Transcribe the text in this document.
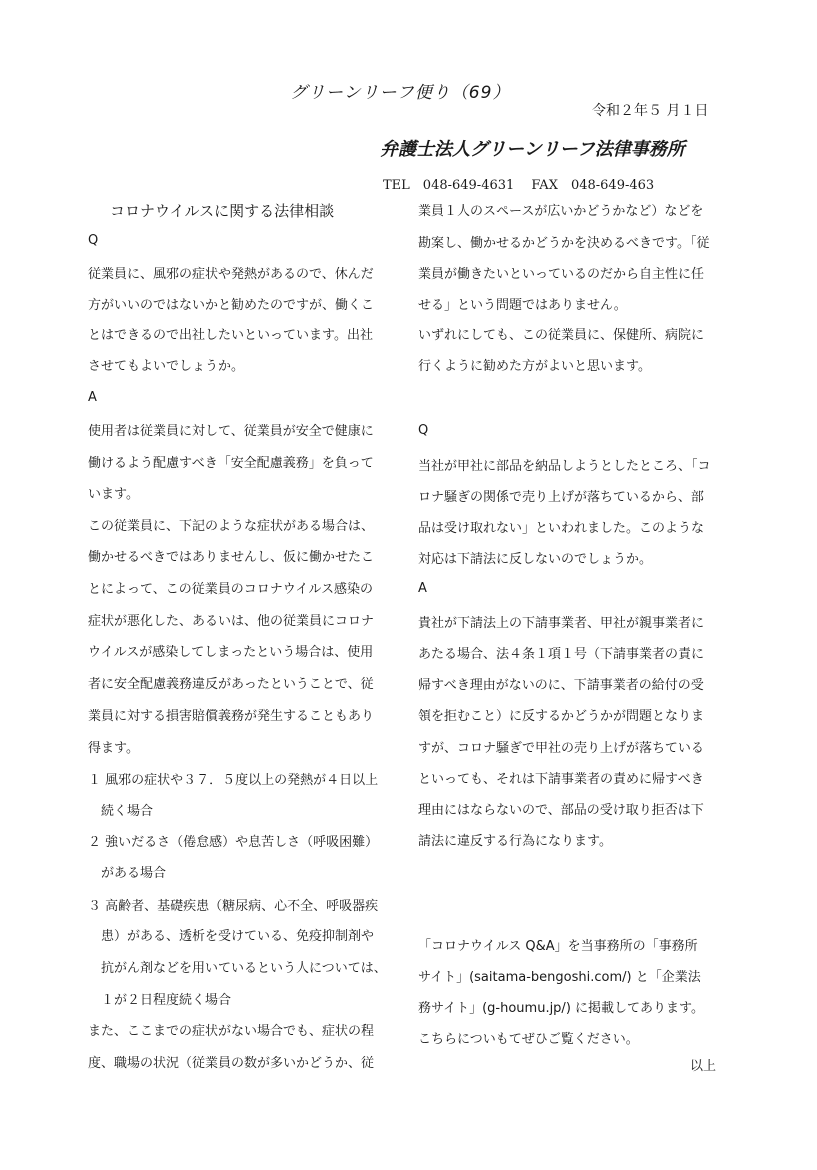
グリーンリーフ便り（69）
令和２年５ 月１日
弁護士法人グリーンリーフ法律事務所
TEL　048‐649‐4631　 FAX　048‐649‐463
コロナウイルスに関する法律相談
Q
従業員に、風邪の症状や発熱があるので、休んだ
方がいいのではないかと勧めたのですが、働くこ
とはできるので出社したいといっています。出社
させてもよいでしょうか。
A
使用者は従業員に対して、従業員が安全で健康に
働けるよう配慮すべき「安全配慮義務」を負って
います。
この従業員に、下記のような症状がある場合は、
働かせるべきではありませんし、仮に働かせたこ
とによって、この従業員のコロナウイルス感染の
症状が悪化した、あるいは、他の従業員にコロナ
ウイルスが感染してしまったという場合は、使用
者に安全配慮義務違反があったということで、従
業員に対する損害賠償義務が発生することもあり
得ます。
１ 風邪の症状や３７．５度以上の発熱が４日以上
　続く場合
２ 強いだるさ（倦怠感）や息苦しさ（呼吸困難）
　がある場合
３ 高齢者、基礎疾患（糖尿病、心不全、呼吸器疾
　患）がある、透析を受けている、免疫抑制剤や
　抗がん剤などを用いているという人については、
　１が２日程度続く場合
また、ここまでの症状がない場合でも、症状の程
度、職場の状況（従業員の数が多いかどうか、従
業員１人のスペースが広いかどうかなど）などを
勘案し、働かせるかどうかを決めるべきです。「従
業員が働きたいといっているのだから自主性に任
せる」という問題ではありません。
いずれにしても、この従業員に、保健所、病院に
行くように勧めた方がよいと思います。
Q
当社が甲社に部品を納品しようとしたところ、「コ
ロナ騒ぎの関係で売り上げが落ちているから、部
品は受け取れない」といわれました。このような
対応は下請法に反しないのでしょうか。
A
貴社が下請法上の下請事業者、甲社が親事業者に
あたる場合、法４条１項１号（下請事業者の責に
帰すべき理由がないのに、下請事業者の給付の受
領を拒むこと）に反するかどうかが問題となりま
すが、コロナ騒ぎで甲社の売り上げが落ちている
といっても、それは下請事業者の責めに帰すべき
理由にはならないので、部品の受け取り拒否は下
請法に違反する行為になります。
「コロナウイルス Q&A」を当事務所の「事務所
サイト」(saitama-bengoshi.com/) と「企業法
務サイト」(g-houmu.jp/) に掲載してあります。
こちらについもてぜひご覧ください。
以上
